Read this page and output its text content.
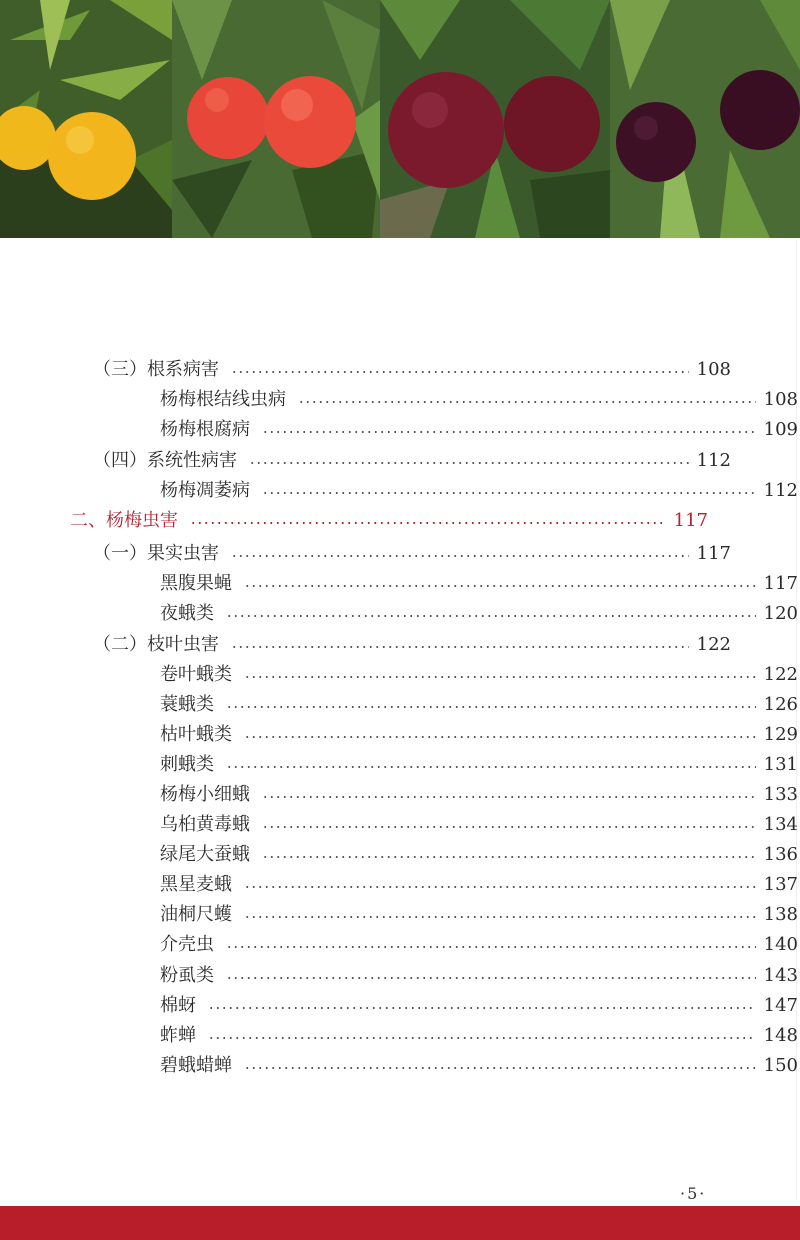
（三）根系病害	108
杨梅根结线虫病	108
杨梅根腐病	109
（四）系统性病害	112
杨梅凋萎病	112
二、杨梅虫害	117
（一）果实虫害	117
黑腹果蝇	117
夜蛾类	120
（二）枝叶虫害	122
卷叶蛾类	122
蓑蛾类	126
枯叶蛾类	129
刺蛾类	131
杨梅小细蛾	133
乌桕黄毒蛾	134
绿尾大蚕蛾	136
黑星麦蛾	137
油桐尺蠖	138
介壳虫	140
粉虱类	143
棉蚜	147
蚱蝉	148
碧蛾蜡蝉	150
·5·
